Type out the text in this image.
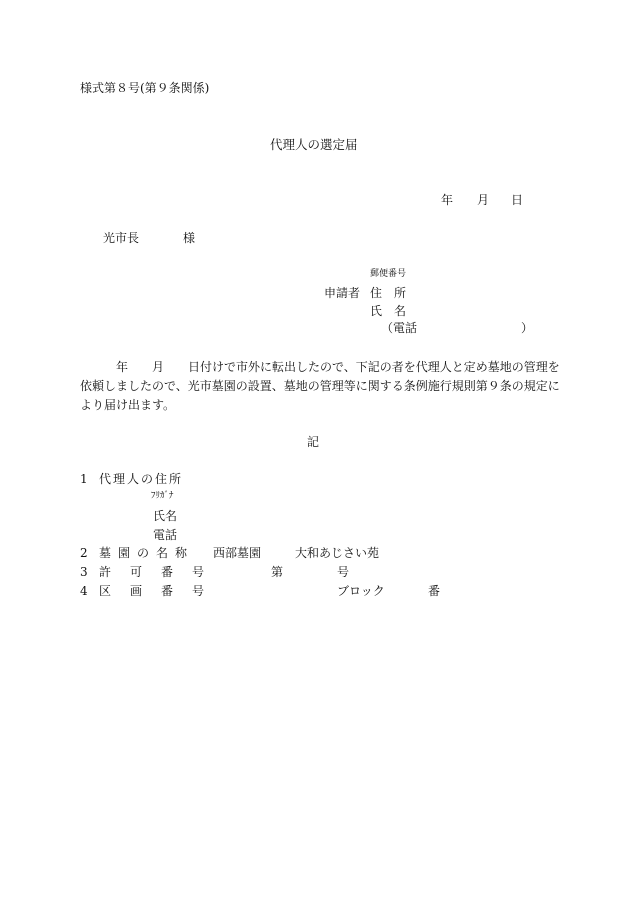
様式第８号(第９条関係)
代理人の選定届
年 月 日
光市長	様
郵便番号
申請者 住　所
氏　名
（電話	）
　　　年　　月　　日付けで市外に転出したので、下記の者を代理人と定め墓地の管理を
依頼しましたので、光市墓園の設置、墓地の管理等に関する条例施行規則第９条の規定に
より届け出ます。
記
1 代理人の住所
ﾌﾘｶﾞﾅ
氏名
電話
2 墓園の名称 西部墓園	大和あじさい苑
3 許可番号	第	号
4 区画番号	ブロック	番
